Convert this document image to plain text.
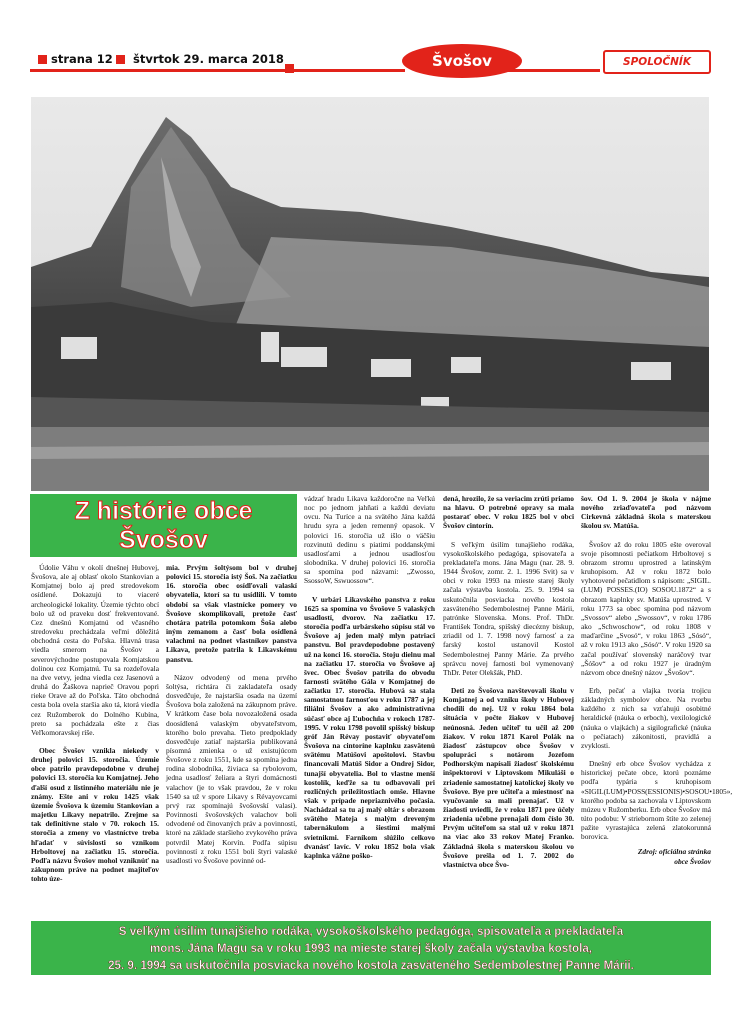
strana 12 štvrtok 29. marca 2018	Švošov	SPOLOČNÍK
Z histórie obce
Švošov

Údolie Váhu v okolí dnešnej Hubovej, Švošova, ale aj oblasť okolo Stankovian a Komjatnej bolo aj pred stredovekom osídlené. Dokazujú to viaceré archeologické lokality. Územie týchto obcí bolo už od praveku dosť frekventované. Cez dnešnú Komjatnú od včasného stredoveku prechádzala veľmi dôležitá obchodná cesta do Poľska. Hlavná trasa viedla smerom na Švošov a severovýchodne postupovala Komjatskou dolinou cez Komjatnú. Tu sa rozdeľovala na dve vetvy, jedna viedla cez Jasenovú a druhá do Žaškova naprieč Oravou popri rieke Orave až do Poľska. Táto obchodná cesta bola ovela staršia ako tá, ktorá viedla cez Ružomberok do Dolného Kubína, preto sa pochádzala ešte z čias Veľkomoravskej ríše.

Obec Švošov vznikla niekedy v druhej polovici 15. storočia. Územie obce patrilo pravdepodobne v druhej polovici 13. storočia ku Komjatnej. Jeho ďalší osud z listinného materiálu nie je známy. Ešte ani v roku 1425 však územie Švošova k územiu Stankovian a majetku Likavy nepatrilo. Zrejme sa tak definitívne stalo v 70. rokoch 15. storočia a zmeny vo vlastníctve treba hľadať v súvislosti so vznikom Hrboltovej na začiatku 15. storočia. Podľa názvu Švošov mohol vzniknúť na zákupnom práve na podnet majiteľov tohto úze-

mia. Prvým šoltýsom bol v druhej polovici 15. storočia istý Šoš. Na začiatku 16. storočia obec osídľovali valaskí obyvatelia, ktorí sa tu usídlili. V tomto období sa však vlastnícke pomery vo Švošove skomplikovali, pretože časť chotára patrila potomkom Šoša alebo iným zemanom a časť bola osídlená valachmi na podnet vlastníkov panstva Likava, pretože patrila k Likavskému panstvu.

Názov odvodený od mena prvého šoltýsa, richtára či zakladateľa osady dosvedčuje, že najstaršia osada na území Švošova bola založená na zákupnom práve. V krátkom čase bola novozaložená osada doosídlená valaským obyvateľstvom, ktorého bolo prevaha. Tieto predpoklady dosvedčuje zatiaľ najstaršia publikovaná písomná zmienka o už existujúcom Švošove z roku 1551, kde sa spomína jedna rodina slobodníka, živiaca sa rybolovom, jedna usadlosť želiara a štyri domácnosti valachov (je to však pravdou, že v roku 1540 sa už v spore Likavy s Révayovcami prvý raz spomínajú švošovskí valasi). Povinnosti švošovských valachov boli odvodené od činovaných práv a povinností, ktoré na základe staršieho zvykového práva potvrdil Matej Korvín. Podľa súpisu povinností z roku 1551 boli štyri valaské usadlosti vo Švošove povinné od-

vádzať hradu Likava každoročne na Veľkú noc po jednom jahňati a každú deviatu ovcu. Na Turíce a na svätého Jána každá hrudu syra a jeden remenný opasok. V polovici 16. storočia už išlo o väčšiu rozvinutú dedinu s piatimi poddanskými usadlosťami a jednou usadlosťou slobodníka. V druhej polovici 16. storočia sa spomína pod názvami: „Zwosso, SsossoW, Sswuossow“.

V urbári Likavského panstva z roku 1625 sa spomína vo Švošove 5 valaských usadlostí, dvorov. Na začiatku 17. storočia podľa urbárskeho súpisu stál vo Švošove aj jeden malý mlyn patriaci panstvu. Bol pravdepodobne postavený už na konci 16. storočia. Stoju dielnu mal na začiatku 17. storočia vo Švošove aj švec. Obec Švošov patrila do obvodu farnosti svätého Gála v Komjatnej do začiatku 17. storočia. Hubová sa stala samostatnou farnosťou v roku 1787 a jej filiálni Švošov a ako administratívna súčasť obce aj Ľubochňa v rokoch 1787-1995. V roku 1798 povolil spišský biskup gróf Ján Révay postaviť obyvateľom Švošova na cintoríne kaplnku zasvätenú svätému Matúšovi apoštolovi. Stavbu financovali Matúš Sidor a Ondrej Sidor, tunajší obyvatelia. Bol to vlastne menší kostolík, keďže sa tu odbavovali pri rozličných príležitostiach omše. Hlavne však v prípade nepriaznivého počasia. Nachádzal sa tu aj malý oltár s obrazom svätého Mateja s malým dreveným tabernákulom a šiestimi malými svietnikmi. Farníkom slúžilo celkovo dvanásť lavíc. V roku 1852 bola však kaplnka vážne poško-

dená, hrozilo, že sa veriacim zrúti priamo na hlavu. O potrebné opravy sa mala postarať obec. V roku 1825 bol v obci Švošov cintorín.

S veľkým úsilím tunajšieho rodáka, vysokoškolského pedagóga, spisovateľa a prekladateľa mons. Jána Magu (nar. 28. 9. 1944 Švošov, zomr. 2. 1. 1996 Svit) sa v obci v roku 1993 na mieste starej školy začala výstavba kostola. 25. 9. 1994 sa uskutočnila posviacka nového kostola zasväteného Sedembolestnej Panne Márii, patrónke Slovenska. Mons. Prof. ThDr. František Tondra, spišský diecézny biskup, zriadil od 1. 7. 1998 nový farnosť a za farský kostol ustanovil Kostol Sedembolestnej Panny Márie. Za prvého správcu novej farnosti bol vymenovaný ThDr. Peter Olekšák, PhD.

Deti zo Švošova navštevovali školu v Komjatnej a od vzniku školy v Hubovej chodili do nej. Už v roku 1864 bola situácia v počte žiakov v Hubovej neúnosná. Jeden učiteľ tu učil až 200 žiakov. V roku 1871 Karol Polák na žiadosť zástupcov obce Švošov v spolupráci s notárom Jozefom Podhorským napísali žiadosť školskému inšpektorovi v Liptovskom Mikuláši o zriadenie samostatnej katolíckej školy vo Švošove. Bye pre učiteľa a miestnosť na vyučovanie sa mali prenajať. Už v žiadosti uviedli, že v roku 1871 pre účely zriadenia učebne prenajali dom číslo 30. Prvým učiteľom sa stal už v roku 1871 na viac ako 33 rokov Matej Franko. Základná škola s materskou školou vo Švošove prešla od 1. 7. 2002 do vlastníctva obce Švo-

šov. Od 1. 9. 2004 je škola v nájme nového zriaďovateľa pod názvom Cirkevná základná škola s materskou školou sv. Matúša.

Švošov až do roku 1805 ešte overoval svoje písomnosti pečiatkom Hrboltovej s obrazom stromu uprostred a latinským kruhopisom. Až v roku 1872 bolo vyhotovené pečatidlom s nápisom: „SIGIL.(LUM) POSSES.(IO) SOSOU.1872“ a s obrazom kaplnky sv. Matúša uprostred. V roku 1773 sa obec spomína pod názvom „Svossov“ alebo „Swossov“, v roku 1786 ako „Schwoschow“, od roku 1808 v maďarčine „Svosó“, v roku 1863 „Sósó“, až v roku 1913 ako „Sósó“. V roku 1920 sa začal používať slovenský naráčový tvar „Šóšov“ a od roku 1927 je úradným názvom obce dnešný názov „Švošov“.

Erb, pečať a vlajka tvoria trojicu základných symbolov obce. Na rvorbu každého z nich sa vzťahujú osobitné heraldické (náuka o erboch), vexilologické (náuka o vlajkách) a sigilografické (náuka o pečiatach) zákonitosti, pravidlá a zvyklosti.

Dnešný erb obce Švošov vychádza z historickej pečate obce, ktorú poznáme podľa typária s kruhopisom «SIGIL(LUM)•POSS(ESSIONIS)•SOSOU•1805», ktorého podoba sa zachovala v Liptovskom múzeu v Ružomberku. Erb obce Švošov má túto podobu: V striebornom štíte zo zelenej pažite vyrastajúca zelená zlatokorunná borovica.

Zdroj: oficiálna stránka
obce Švošov
S veľkým úsilím tunajšieho rodáka, vysokoškolského pedagóga, spisovateľa a prekladateľa
mons. Jána Magu sa v roku 1993 na mieste starej školy začala výstavba kostola,
25. 9. 1994 sa uskutočnila posviacka nového kostola zasväteného Sedembolestnej Panne Márii.
